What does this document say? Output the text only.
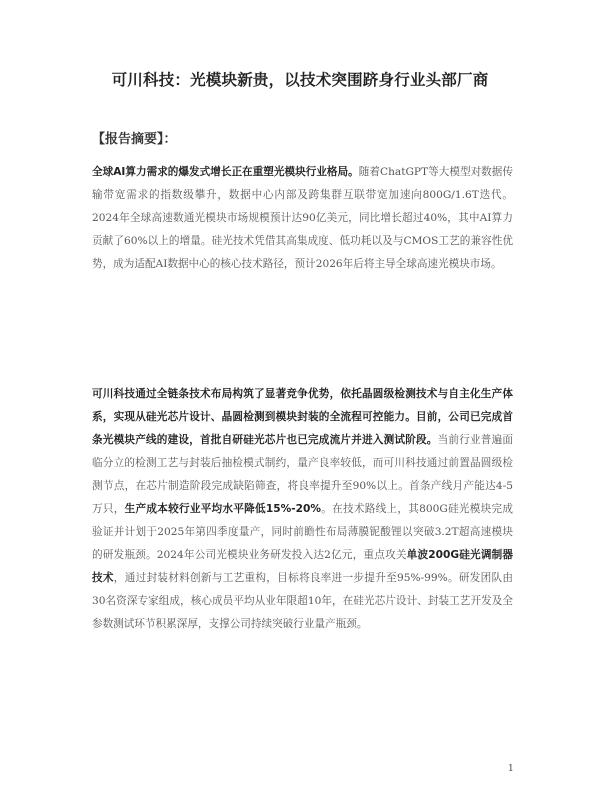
可川科技：光模块新贵，以技术突围跻身行业头部厂商
【报告摘要】：
全球AI算力需求的爆发式增长正在重塑光模块行业格局。随着ChatGPT等大模型对数据传输带宽需求的指数级攀升，数据中心内部及跨集群互联带宽加速向800G/1.6T迭代。2024年全球高速数通光模块市场规模预计达90亿美元，同比增长超过40%，其中AI算力贡献了60%以上的增量。硅光技术凭借其高集成度、低功耗以及与CMOS工艺的兼容性优势，成为适配AI数据中心的核心技术路径，预计2026年后将主导全球高速光模块市场。
可川科技通过全链条技术布局构筑了显著竞争优势，依托晶圆级检测技术与自主化生产体系，实现从硅光芯片设计、晶圆检测到模块封装的全流程可控能力。目前，公司已完成首条光模块产线的建设，首批自研硅光芯片也已完成流片并进入测试阶段。当前行业普遍面临分立的检测工艺与封装后抽检模式制约，量产良率较低，而可川科技通过前置晶圆级检测节点，在芯片制造阶段完成缺陷筛查，将良率提升至90%以上。首条产线月产能达4-5万只，生产成本较行业平均水平降低15%-20%。在技术路线上，其800G硅光模块完成验证并计划于2025年第四季度量产，同时前瞻性布局薄膜铌酸锂以突破3.2T超高速模块的研发瓶颈。2024年公司光模块业务研发投入达2亿元，重点攻关单波200G硅光调制器技术，通过封装材料创新与工艺重构，目标将良率进一步提升至95%-99%。研发团队由30名资深专家组成，核心成员平均从业年限超10年，在硅光芯片设计、封装工艺开发及全参数测试环节积累深厚，支撑公司持续突破行业量产瓶颈。
1
